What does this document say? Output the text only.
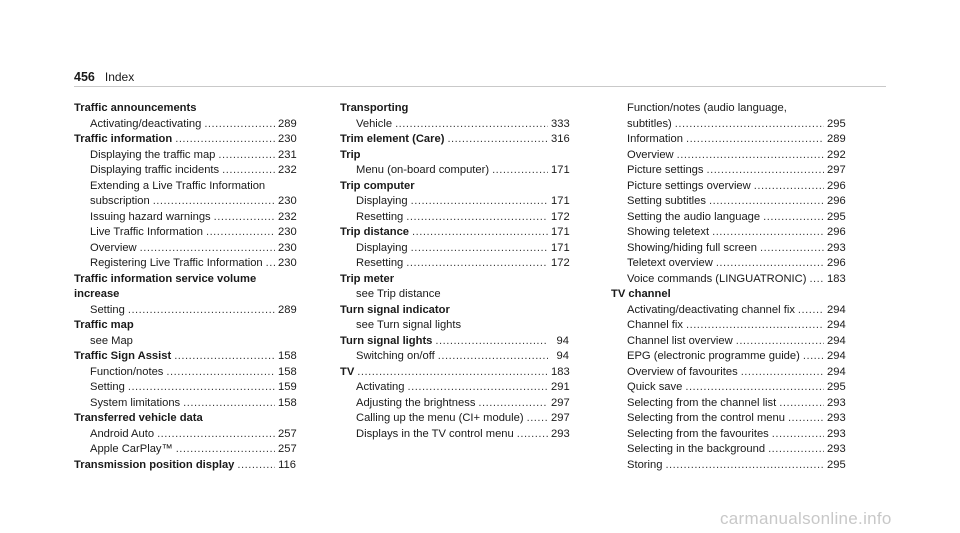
456 Index
Traffic announcements
Activating/deactivating .....	289
Traffic information .....	230
Displaying the traffic map .....	231
Displaying traffic incidents .....	232
Extending a Live Traffic Information
subscription .....	230
Issuing hazard warnings .....	232
Live Traffic Information .....	230
Overview .....	230
Registering Live Traffic Information ..... 230
Traffic information service volume
increase
Setting .....	289
Traffic map
see Map
Traffic Sign Assist .....	158
Function/notes .....	158
Setting .....	159
System limitations .....	158
Transferred vehicle data
Android Auto .....	257
Apple CarPlay™ .....	257
Transmission position display .....	116
Transporting
Vehicle .....	333
Trim element (Care) .....	316
Trip
Menu (on-board computer) .....	171
Trip computer
Displaying .....	171
Resetting .....	172
Trip distance .....	171
Displaying .....	171
Resetting .....	172
Trip meter
see Trip distance
Turn signal indicator
see Turn signal lights
Turn signal lights .....	94
Switching on/off .....	94
TV .....	183
Activating .....	291
Adjusting the brightness .....	297
Calling up the menu (CI+ module) ..... 297
Displays in the TV control menu .....	293
Function/notes (audio language,
subtitles) .....	295
Information .....	289
Overview .....	292
Picture settings .....	297
Picture settings overview .....	296
Setting subtitles .....	296
Setting the audio language .....	295
Showing teletext .....	296
Showing/hiding full screen .....	293
Teletext overview .....	296
Voice commands (LINGUATRONIC) ..... 183
TV channel
Activating/deactivating channel fix .....	294
Channel fix .....	294
Channel list overview .....	294
EPG (electronic programme guide) ..... 294
Overview of favourites .....	294
Quick save .....	295
Selecting from the channel list .....	293
Selecting from the control menu .....	293
Selecting from the favourites .....	293
Selecting in the background .....	293
Storing .....	295
carmanualsonline.info
